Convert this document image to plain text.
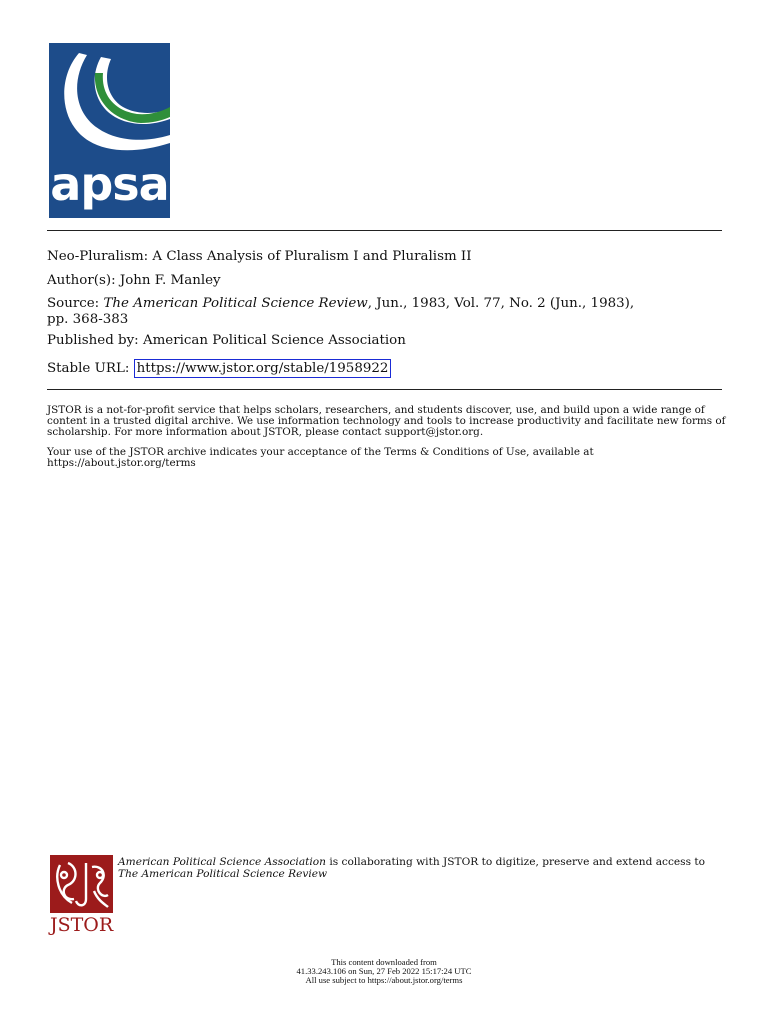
apsa
Neo-Pluralism: A Class Analysis of Pluralism I and Pluralism II
Author(s): John F. Manley
Source: The American Political Science Review, Jun., 1983, Vol. 77, No. 2 (Jun., 1983),
pp. 368-383
Published by: American Political Science Association
Stable URL: https://www.jstor.org/stable/1958922
JSTOR is a not-for-profit service that helps scholars, researchers, and students discover, use, and build upon a wide range of content in a trusted digital archive. We use information technology and tools to increase productivity and facilitate new forms of scholarship. For more information about JSTOR, please contact support@jstor.org.
Your use of the JSTOR archive indicates your acceptance of the Terms & Conditions of Use, available at https://about.jstor.org/terms
JSTOR
American Political Science Association is collaborating with JSTOR to digitize, preserve and extend access to The American Political Science Review
This content downloaded from
41.33.243.106 on Sun, 27 Feb 2022 15:17:24 UTC
All use subject to https://about.jstor.org/terms
